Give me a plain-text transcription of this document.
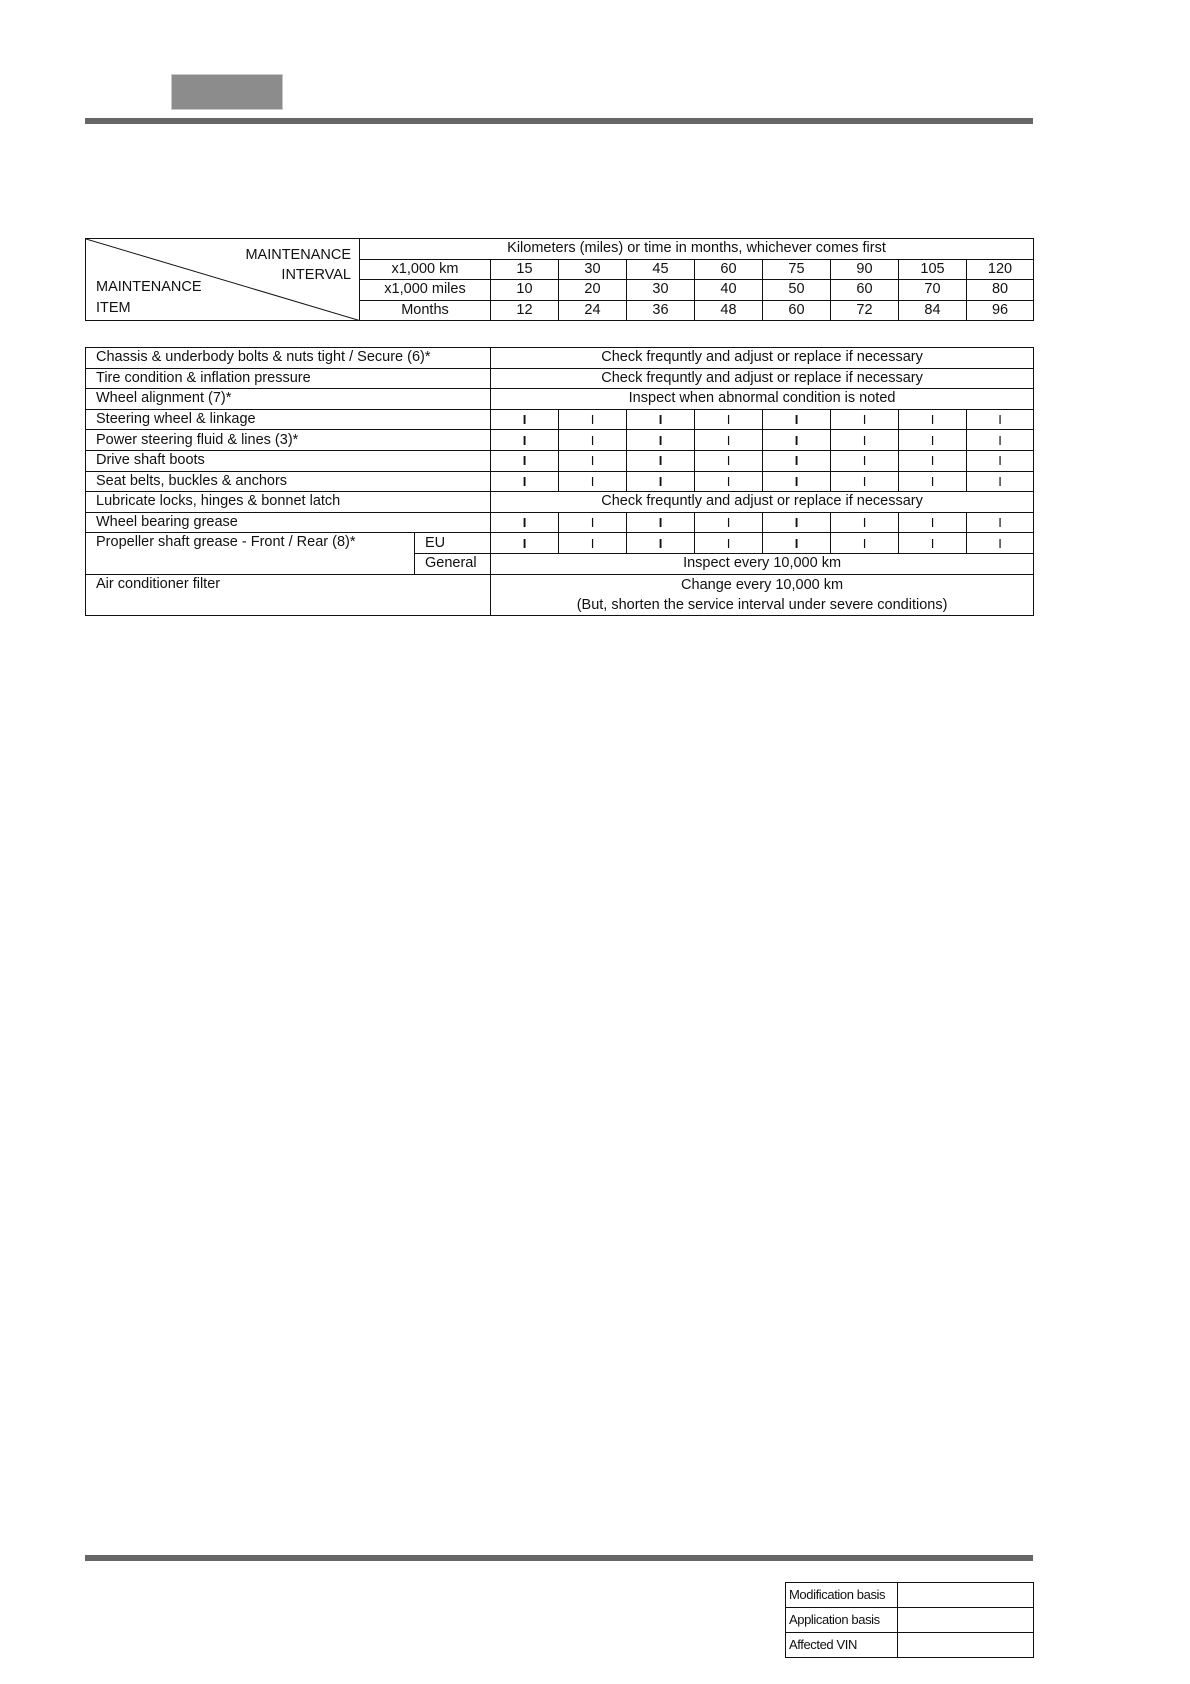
MAINTENANCE
INTERVAL
MAINTENANCE
ITEM	Kilometers (miles) or time in months, whichever comes first								
	x1,000 km	15	30	45	60	75	90	105	120
	x1,000 miles	10	20	30	40	50	60	70	80
	Months	12	24	36	48	60	72	84	96
Chassis & underbody bolts & nuts tight / Secure (6)*		Check frequntly and adjust or replace if necessary							
Tire condition & inflation pressure		Check frequntly and adjust or replace if necessary							
Wheel alignment (7)*		Inspect when abnormal condition is noted							
Steering wheel & linkage		I	I	I	I	I	I	I	I
Power steering fluid & lines (3)*		I	I	I	I	I	I	I	I
Drive shaft boots		I	I	I	I	I	I	I	I
Seat belts, buckles & anchors		I	I	I	I	I	I	I	I
Lubricate locks, hinges & bonnet latch		Check frequntly and adjust or replace if necessary							
Wheel bearing grease		I	I	I	I	I	I	I	I
Propeller shaft grease - Front / Rear (8)*	EU	I	I	I	I	I	I	I	I
	General	Inspect every 10,000 km							
Air conditioner filter		Change every 10,000 km
(But, shorten the service interval under severe conditions)							
Modification basis	
Application basis	
Affected VIN	
